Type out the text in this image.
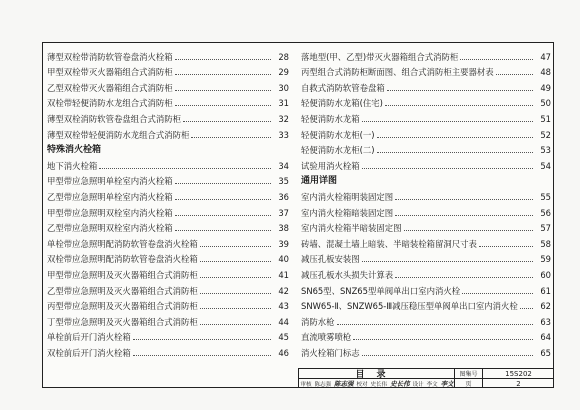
薄型双栓带消防软管卷盘消火栓箱	28
甲型双栓带灭火器箱组合式消防柜	29
乙型双栓带灭火器箱组合式消防柜	30
双栓带轻便消防水龙组合式消防柜	31
薄型双栓消防软管卷盘组合式消防柜	32
薄型双栓带轻便消防水龙组合式消防柜	33
特殊消火栓箱
地下消火栓箱	34
甲型带应急照明单栓室内消火栓箱	35
乙型带应急照明单栓室内消火栓箱	36
甲型带应急照明双栓室内消火栓箱	37
乙型带应急照明双栓室内消火栓箱	38
单栓带应急照明配消防软管卷盘消火栓箱	39
双栓带应急照明配消防软管卷盘消火栓箱	40
甲型带应急照明及灭火器箱组合式消防柜	41
乙型带应急照明及灭火器箱组合式消防柜	42
丙型带应急照明及灭火器箱组合式消防柜	43
丁型带应急照明及灭火器箱组合式消防柜	44
单栓前后开门消火栓箱	45
双栓前后开门消火栓箱	46
落地型(甲、乙型)带灭火器箱组合式消防柜	47
丙型组合式消防柜断面图、组合式消防柜主要器材表	48
自救式消防软管卷盘箱	49
轻便消防水龙箱(住宅)	50
轻便消防水龙箱	51
轻便消防水龙柜(一)	52
轻便消防水龙柜(二)	53
试验用消火栓箱	54
通用详图
室内消火栓箱明装固定图	55
室内消火栓箱暗装固定图	56
室内消火栓箱半暗装固定图	57
砖墙、混凝土墙上暗装、半暗装栓箱留洞尺寸表	58
减压孔板安装图	59
减压孔板水头损失计算表	60
SN65型、SNZ65型单阀单出口室内消火栓	61
SNW65-Ⅱ、SNZW65-Ⅲ减压稳压型单阀单出口室内消火栓	62
消防水枪	63
直流喷雾喷枪	64
消火栓箱门标志	65
目录	图集号	15S202
审核 陈志强 陈志强 校对 史长伟 史长伟 设计 李文 李文	页	2
